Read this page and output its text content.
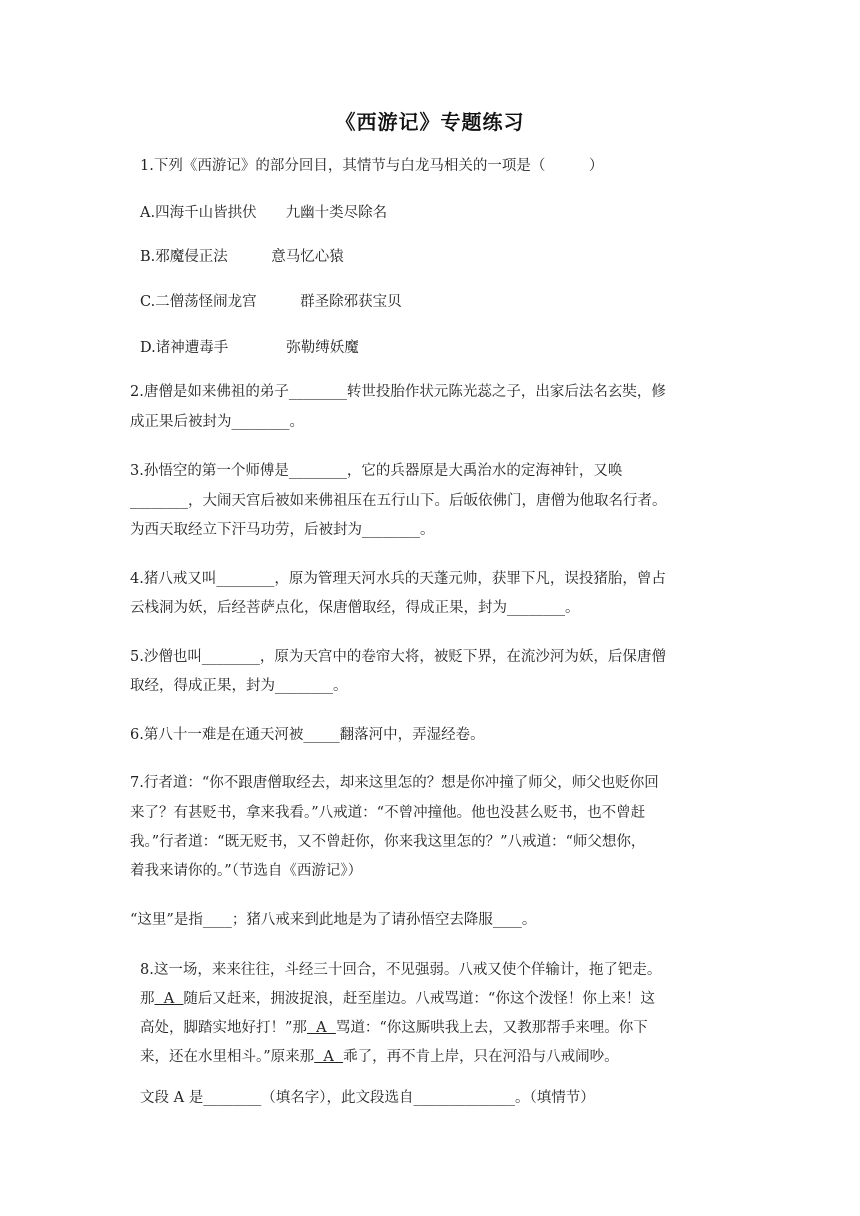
《西游记》专题练习
1.下列《西游记》的部分回目，其情节与白龙马相关的一项是（　　　）
A.四海千山皆拱伏　　九幽十类尽除名
B.邪魔侵正法　　　意马忆心猿
C.二僧荡怪闹龙宫　　　群圣除邪获宝贝
D.诸神遭毒手　　　　弥勒缚妖魔
2.唐僧是如来佛祖的弟子________转世投胎作状元陈光蕊之子，出家后法名玄奘，修
成正果后被封为________。
3.孙悟空的第一个师傅是________，它的兵器原是大禹治水的定海神针，又唤
________，大闹天宫后被如来佛祖压在五行山下。后皈依佛门，唐僧为他取名行者。
为西天取经立下汗马功劳，后被封为________。
4.猪八戒又叫________，原为管理天河水兵的天蓬元帅，获罪下凡，误投猪胎，曾占
云栈洞为妖，后经菩萨点化，保唐僧取经，得成正果，封为________。
5.沙僧也叫________，原为天宫中的卷帘大将，被贬下界，在流沙河为妖，后保唐僧
取经，得成正果，封为________。
6.第八十一难是在通天河被_____翻落河中，弄湿经卷。
7.行者道：“你不跟唐僧取经去，却来这里怎的？想是你冲撞了师父，师父也贬你回
来了？有甚贬书，拿来我看。”八戒道：“不曾冲撞他。他也没甚么贬书，也不曾赶
我。”行者道：“既无贬书，又不曾赶你，你来我这里怎的？”八戒道：“师父想你，
着我来请你的。”（节选自《西游记》）
“这里”是指____；猪八戒来到此地是为了请孙悟空去降服____。
8.这一场，来来往往，斗经三十回合，不见强弱。八戒又使个佯输计，拖了钯走。
那  A  随后又赶来，拥波捉浪，赶至崖边。八戒骂道：“你这个泼怪！你上来！这
高处，脚踏实地好打！”那  A  骂道：“你这厮哄我上去，又教那帮手来哩。你下
来，还在水里相斗。”原来那  A  乖了，再不肯上岸，只在河沿与八戒闹吵。
文段 A 是________（填名字），此文段选自______________。（填情节）
